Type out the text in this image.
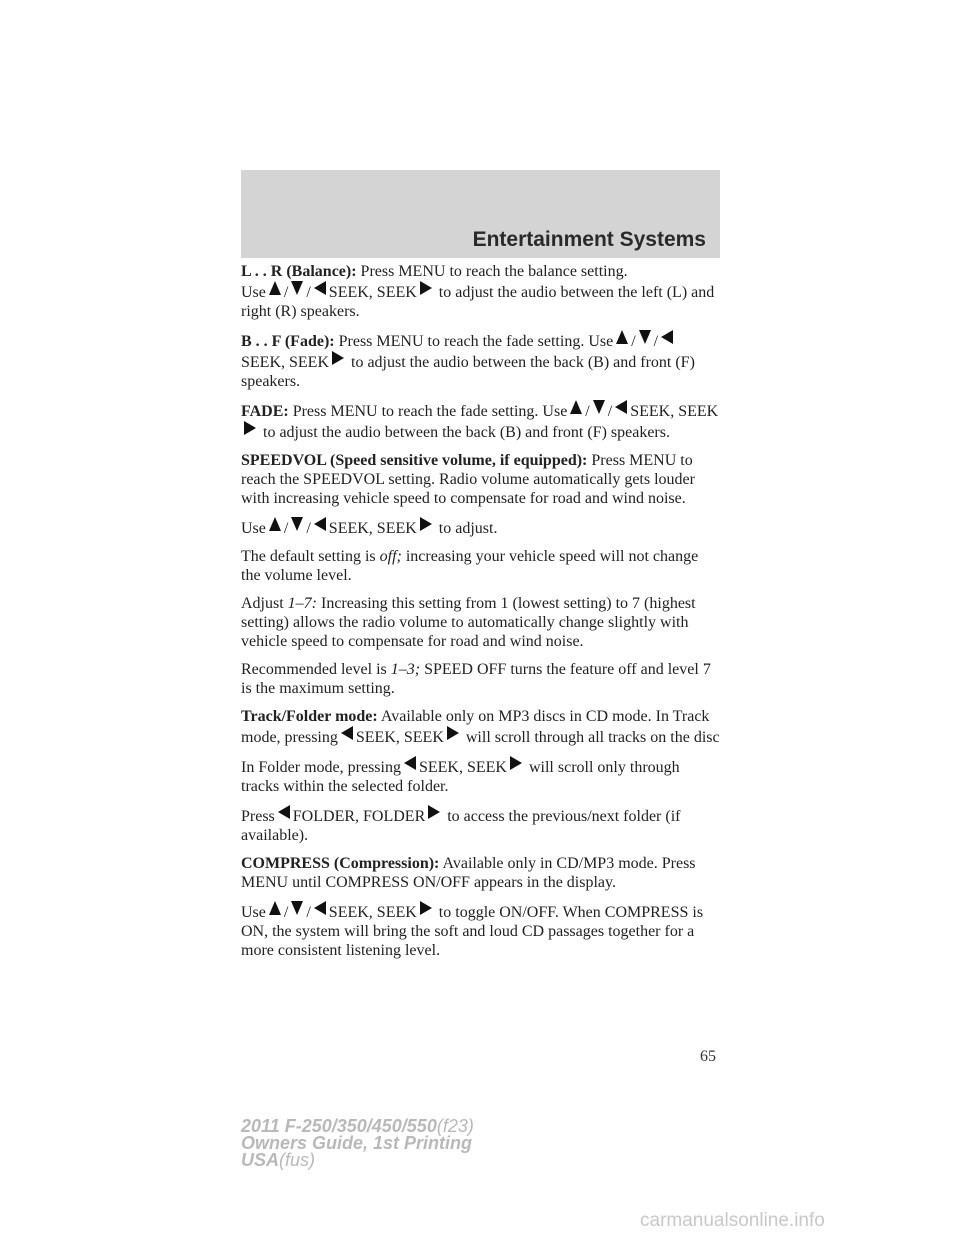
Entertainment Systems

L . . R (Balance): Press MENU to reach the balance setting.
Use / / SEEK, SEEK to adjust the audio between the left (L) and right (R) speakers.

B . . F (Fade): Press MENU to reach the fade setting. Use / /
SEEK, SEEK to adjust the audio between the back (B) and front (F) speakers.

FADE: Press MENU to reach the fade setting. Use / / SEEK, SEEK to adjust the audio between the back (B) and front (F) speakers.

SPEEDVOL (Speed sensitive volume, if equipped): Press MENU to reach the SPEEDVOL setting. Radio volume automatically gets louder with increasing vehicle speed to compensate for road and wind noise.

Use / / SEEK, SEEK to adjust.

The default setting is off; increasing your vehicle speed will not change the volume level.

Adjust 1–7: Increasing this setting from 1 (lowest setting) to 7 (highest setting) allows the radio volume to automatically change slightly with vehicle speed to compensate for road and wind noise.

Recommended level is 1–3; SPEED OFF turns the feature off and level 7 is the maximum setting.

Track/Folder mode: Available only on MP3 discs in CD mode. In Track mode, pressing SEEK, SEEK will scroll through all tracks on the disc

In Folder mode, pressing SEEK, SEEK will scroll only through tracks within the selected folder.

Press FOLDER, FOLDER to access the previous/next folder (if available).

COMPRESS (Compression): Available only in CD/MP3 mode. Press MENU until COMPRESS ON/OFF appears in the display.

Use / / SEEK, SEEK to toggle ON/OFF. When COMPRESS is ON, the system will bring the soft and loud CD passages together for a more consistent listening level.

65
2011 F-250/350/450/550(f23)
Owners Guide, 1st Printing
USA(fus)
carmanualsonline.info
